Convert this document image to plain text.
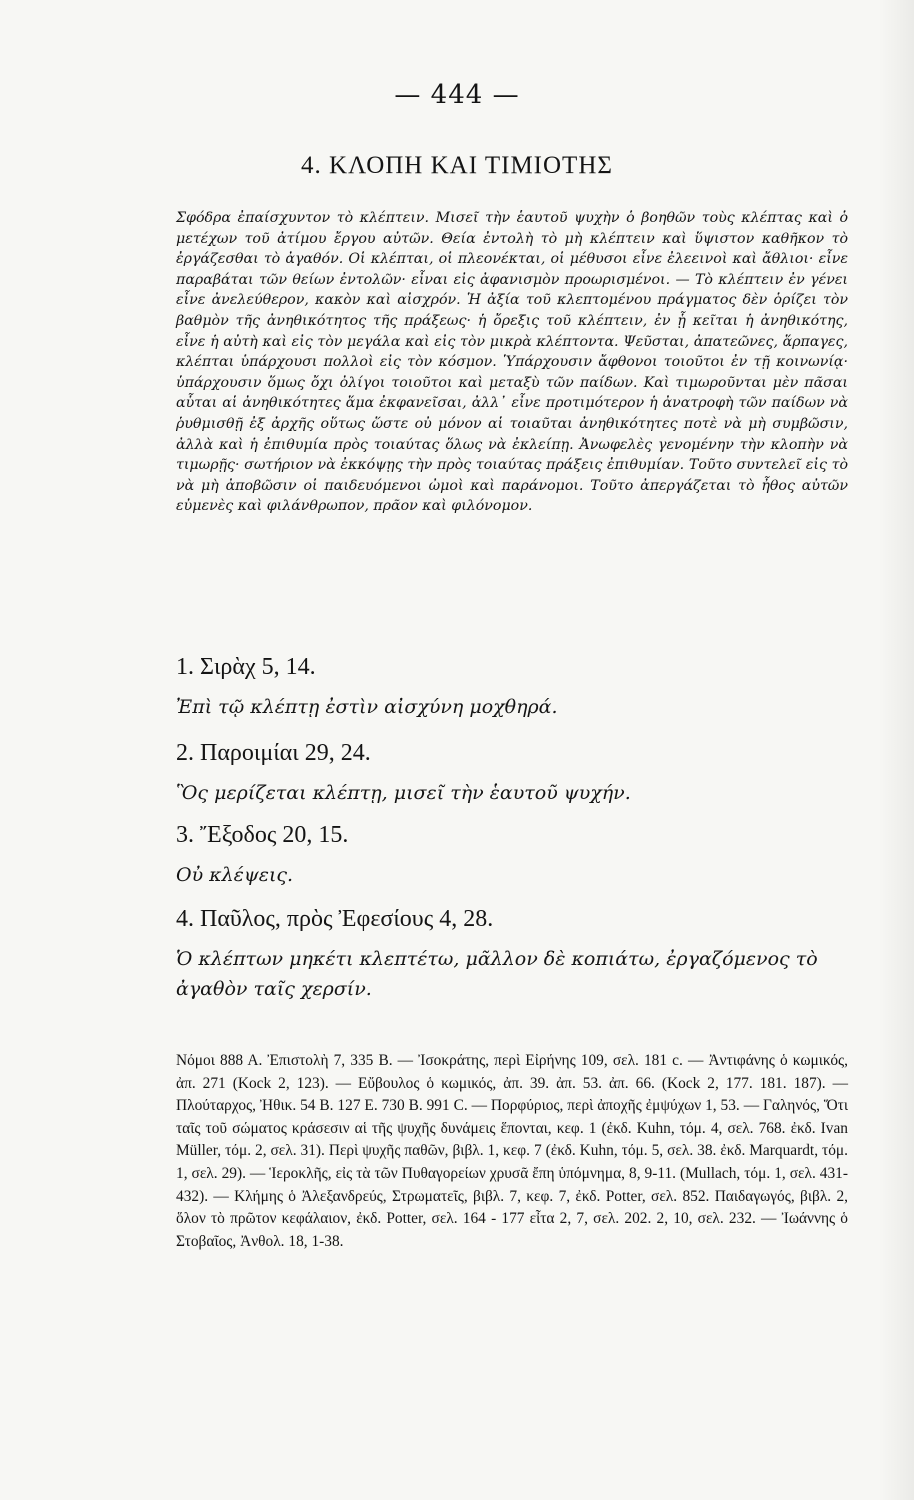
— 444 —
4. ΚΛΟΠΗ ΚΑΙ ΤΙΜΙΟΤΗΣ

Σφόδρα ἐπαίσχυντον τὸ κλέπτειν. Μισεῖ τὴν ἑαυτοῦ ψυχὴν ὁ βοηθῶν τοὺς κλέπτας καὶ ὁ μετέχων τοῦ ἀτίμου ἔργου αὐτῶν. Θεία ἐντολὴ τὸ μὴ κλέπτειν καὶ ὕψιστον καθῆκον τὸ ἐργάζεσθαι τὸ ἀγαθόν. Οἱ κλέπται, οἱ πλεονέκται, οἱ μέθυσοι εἶνε ἐλεεινοὶ καὶ ἄθλιοι· εἶνε παραβάται τῶν θείων ἐντολῶν· εἶναι εἰς ἀφανισμὸν προωρισμένοι. — Τὸ κλέπτειν ἐν γένει εἶνε ἀνελεύθερον, κακὸν καὶ αἰσχρόν. Ἡ ἀξία τοῦ κλεπτομένου πράγματος δὲν ὁρίζει τὸν βαθμὸν τῆς ἀνηθικότητος τῆς πράξεως· ἡ ὄρεξις τοῦ κλέπτειν, ἐν ᾗ κεῖται ἡ ἀνηθικότης, εἶνε ἡ αὐτὴ καὶ εἰς τὸν μεγάλα καὶ εἰς τὸν μικρὰ κλέπτοντα. Ψεῦσται, ἀπατεῶνες, ἅρπαγες, κλέπται ὑπάρχουσι πολλοὶ εἰς τὸν κόσμον. Ὑπάρχουσιν ἄφθονοι τοιοῦτοι ἐν τῇ κοινωνίᾳ· ὑπάρχουσιν ὅμως ὄχι ὀλίγοι τοιοῦτοι καὶ μεταξὺ τῶν παίδων. Καὶ τιμωροῦνται μὲν πᾶσαι αὗται αἱ ἀνηθικότητες ἅμα ἐκφανεῖσαι, ἀλλ᾽ εἶνε προτιμότερον ἡ ἀνατροφὴ τῶν παίδων νὰ ῥυθμισθῇ ἐξ ἀρχῆς οὕτως ὥστε οὐ μόνον αἱ τοιαῦται ἀνηθικότητες ποτὲ νὰ μὴ συμβῶσιν, ἀλλὰ καὶ ἡ ἐπιθυμία πρὸς τοιαύτας ὅλως νὰ ἐκλείπῃ. Ἀνωφελὲς γενομένην τὴν κλοπὴν νὰ τιμωρῇς· σωτήριον νὰ ἐκκόψῃς τὴν πρὸς τοιαύτας πράξεις ἐπιθυμίαν. Τοῦτο συντελεῖ εἰς τὸ νὰ μὴ ἀποβῶσιν οἱ παιδευόμενοι ὠμοὶ καὶ παράνομοι. Τοῦτο ἀπεργάζεται τὸ ἦθος αὐτῶν εὐμενὲς καὶ φιλάνθρωπον, πρᾶον καὶ φιλόνομον.

1. Σιρὰχ 5, 14.
Ἐπὶ τῷ κλέπτῃ ἐστὶν αἰσχύνη μοχθηρά.
2. Παροιμίαι 29, 24.
Ὃς μερίζεται κλέπτῃ, μισεῖ τὴν ἑαυτοῦ ψυχήν.
3. Ἔξοδος 20, 15.
Οὐ κλέψεις.
4. Παῦλος, πρὸς Ἐφεσίους 4, 28.
Ὁ κλέπτων μηκέτι κλεπτέτω, μᾶλλον δὲ κοπιάτω, ἐργαζόμενος τὸ ἀγαθὸν ταῖς χερσίν.

Νόμοι 888 Α. Ἐπιστολὴ 7, 335 Β. — Ἰσοκράτης, περὶ Εἰρήνης 109, σελ. 181 c. — Ἀντιφάνης ὁ κωμικός, ἀπ. 271 (Kock 2, 123). — Εὔβουλος ὁ κωμικός, ἀπ. 39. ἀπ. 53. ἀπ. 66. (Kock 2, 177. 181. 187). — Πλούταρχος, Ἠθικ. 54 Β. 127 Ε. 730 Β. 991 C. — Πορφύριος, περὶ ἀποχῆς ἐμψύχων 1, 53. — Γαληνός, Ὅτι ταῖς τοῦ σώματος κράσεσιν αἱ τῆς ψυχῆς δυνάμεις ἕπονται, κεφ. 1 (ἐκδ. Kuhn, τόμ. 4, σελ. 768. ἐκδ. Ivan Müller, τόμ. 2, σελ. 31). Περὶ ψυχῆς παθῶν, βιβλ. 1, κεφ. 7 (ἐκδ. Kuhn, τόμ. 5, σελ. 38. ἐκδ. Marquardt, τόμ. 1, σελ. 29). — Ἱεροκλῆς, εἰς τὰ τῶν Πυθαγορείων χρυσᾶ ἔπη ὑπόμνημα, 8, 9-11. (Mullach, τόμ. 1, σελ. 431-432). — Κλήμης ὁ Ἀλεξανδρεύς, Στρωματεῖς, βιβλ. 7, κεφ. 7, ἐκδ. Potter, σελ. 852. Παιδαγωγός, βιβλ. 2, ὅλον τὸ πρῶτον κεφάλαιον, ἐκδ. Potter, σελ. 164 - 177 εἶτα 2, 7, σελ. 202. 2, 10, σελ. 232. — Ἰωάννης ὁ Στοβαῖος, Ἀνθολ. 18, 1-38.
